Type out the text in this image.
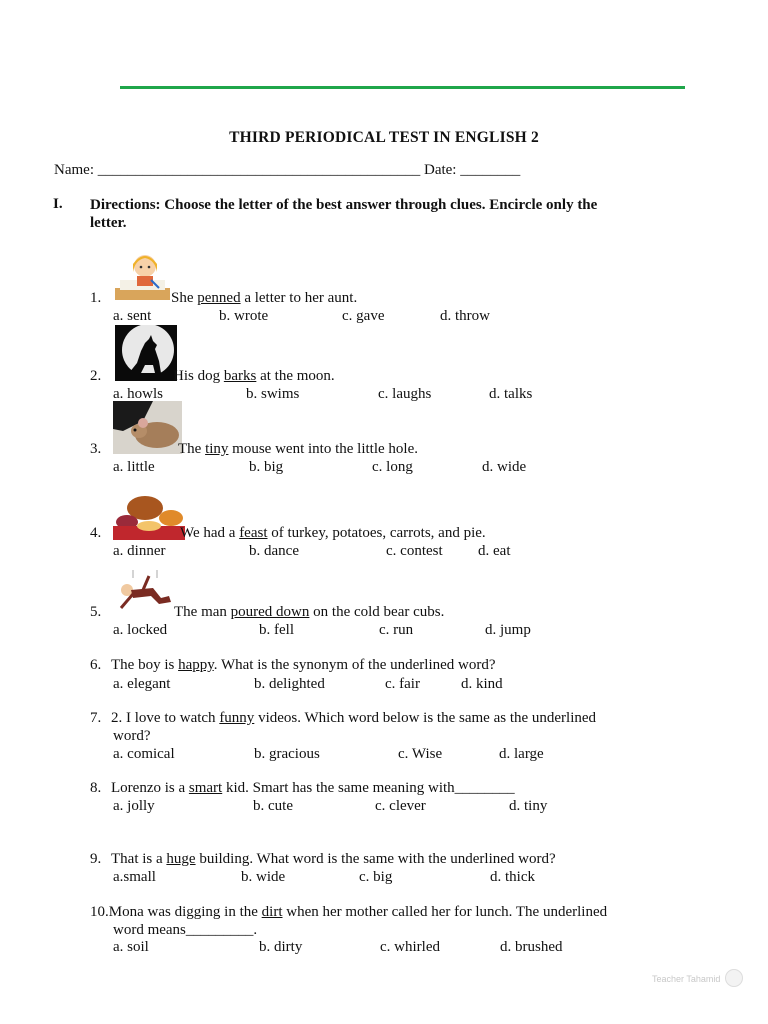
THIRD PERIODICAL TEST IN ENGLISH 2
Name: ___________________________________________ Date: ________
I. Directions: Choose the letter of the best answer through clues. Encircle only the
letter.
1.	She penned a letter to her aunt.
a. sent	b. wrote	c. gave	d. throw
2.	His dog barks at the moon.
a. howls	b. swims	c. laughs	d. talks
3.	The tiny mouse went into the little hole.
a. little	b. big	c. long	d. wide
4.	We had a feast of turkey, potatoes, carrots, and pie.
a. dinner	b. dance	c. contest d. eat
5.	The man poured down on the cold bear cubs.
a. locked	b. fell	c. run	d. jump
6. The boy is happy. What is the synonym of the underlined word?
a. elegant	b. delighted	c. fair	d. kind
7. 2. I love to watch funny videos. Which word below is the same as the underlined
word?
a. comical	b. gracious	c. Wise	d. large
8. Lorenzo is a smart kid. Smart has the same meaning with________
a. jolly	b. cute	c. clever	d. tiny
9. That is a huge building. What word is the same with the underlined word?
a.small	b. wide	c. big	d. thick
10.Mona was digging in the dirt when her mother called her for lunch. The underlined
word means_________.
a. soil	b. dirty	c. whirled	d. brushed
Teacher Tahamid
